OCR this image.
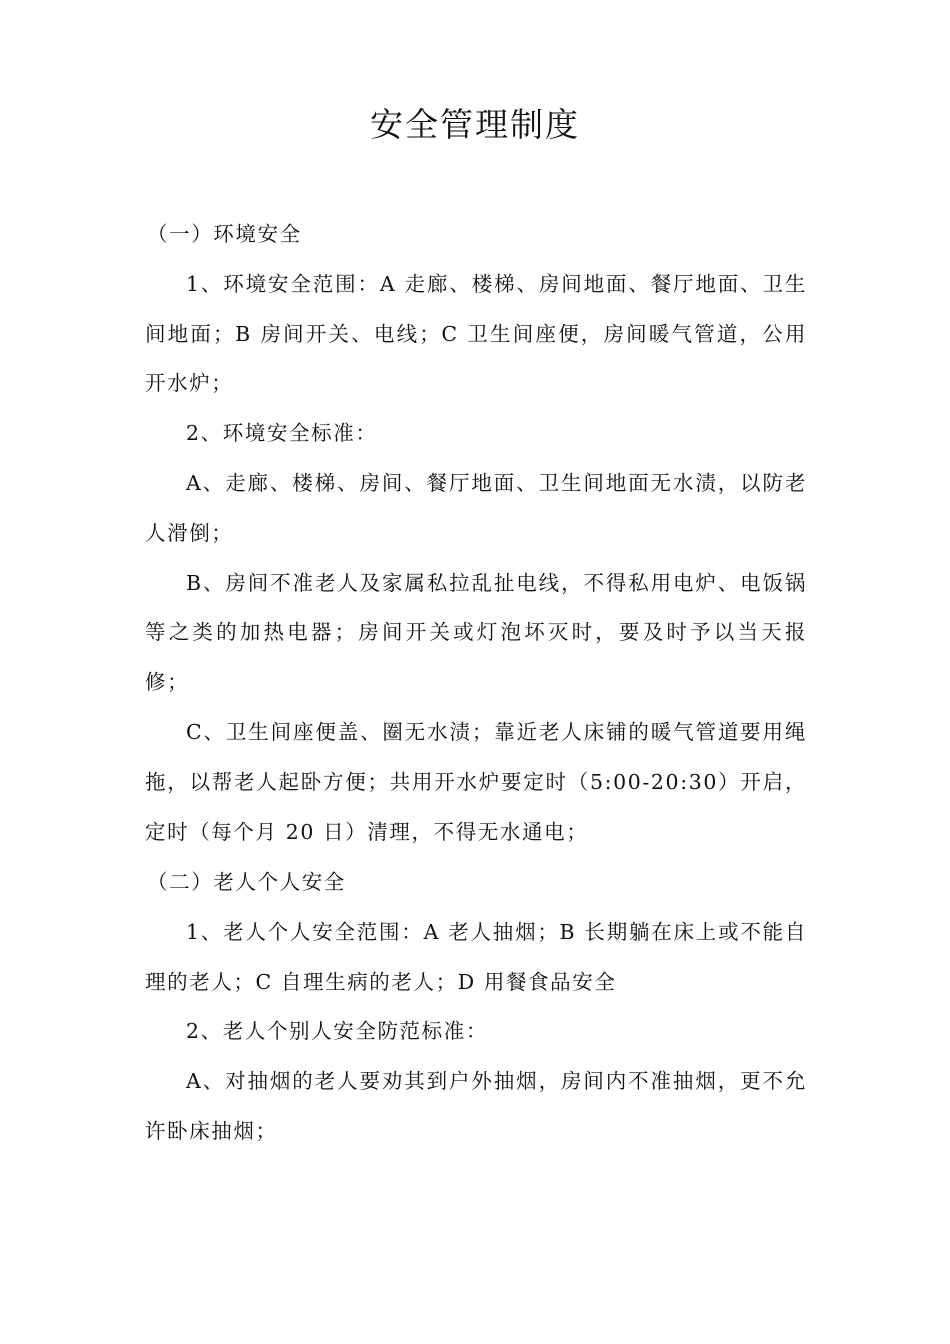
安全管理制度

（一）环境安全

1、环境安全范围：A 走廊、楼梯、房间地面、餐厅地面、卫生间地面；B 房间开关、电线；C 卫生间座便，房间暖气管道，公用开水炉；

2、环境安全标准：

A、走廊、楼梯、房间、餐厅地面、卫生间地面无水渍，以防老人滑倒；

B、房间不准老人及家属私拉乱扯电线，不得私用电炉、电饭锅等之类的加热电器；房间开关或灯泡坏灭时，要及时予以当天报修；

C、卫生间座便盖、圈无水渍；靠近老人床铺的暖气管道要用绳拖，以帮老人起卧方便；共用开水炉要定时（5:00-20:30）开启，定时（每个月 20 日）清理，不得无水通电；

（二）老人个人安全

1、老人个人安全范围：A 老人抽烟；B 长期躺在床上或不能自理的老人；C 自理生病的老人；D 用餐食品安全

2、老人个别人安全防范标准：

A、对抽烟的老人要劝其到户外抽烟，房间内不准抽烟，更不允许卧床抽烟；
